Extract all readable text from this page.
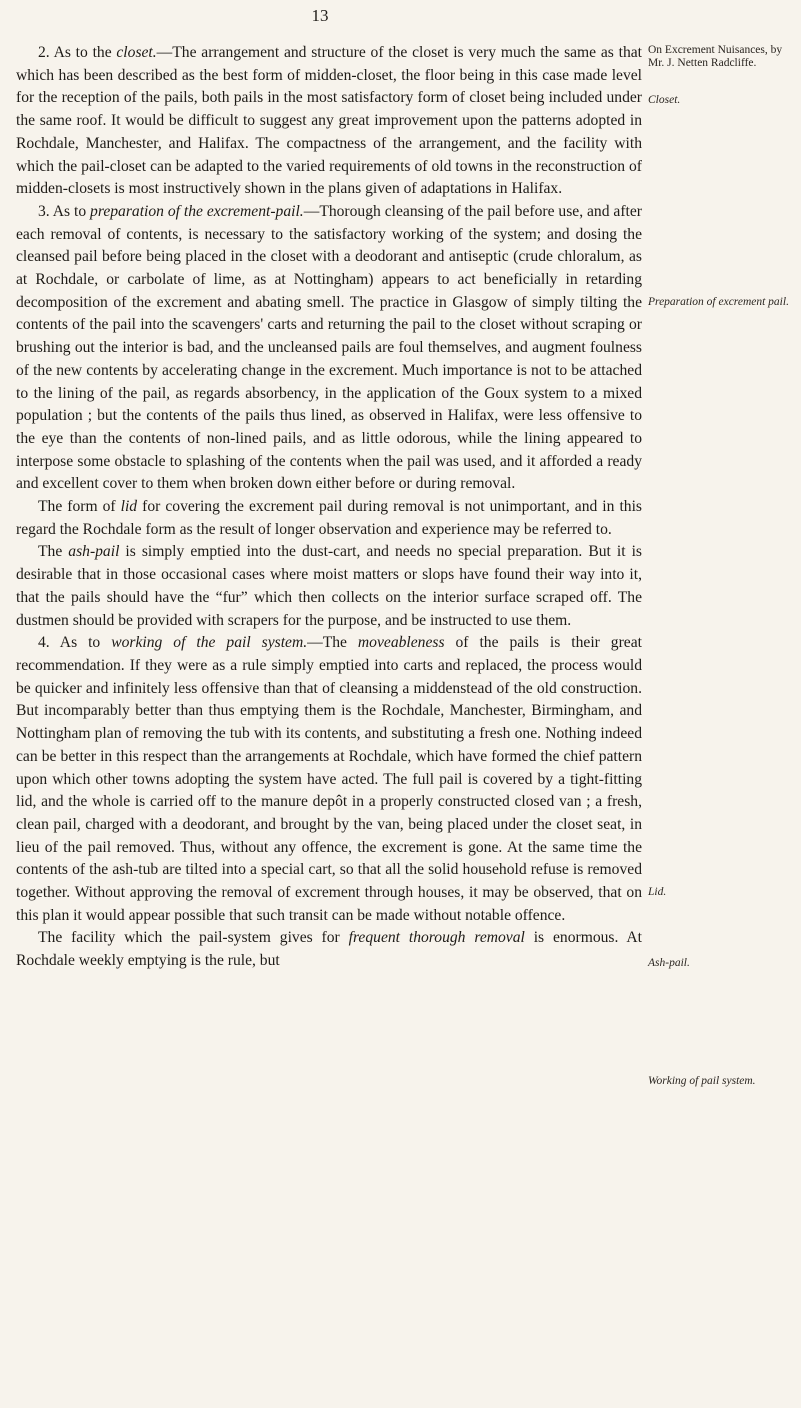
13

2. As to the closet.—The arrangement and structure of the closet is very much the same as that which has been described as the best form of midden-closet, the floor being in this case made level for the reception of the pails, both pails in the most satisfactory form of closet being included under the same roof. It would be difficult to suggest any great improvement upon the patterns adopted in Rochdale, Manchester, and Halifax. The compactness of the arrangement, and the facility with which the pail-closet can be adapted to the varied requirements of old towns in the reconstruction of midden-closets is most instructively shown in the plans given of adaptations in Halifax.

3. As to preparation of the excrement-pail.—Thorough cleansing of the pail before use, and after each removal of contents, is necessary to the satisfactory working of the system; and dosing the cleansed pail before being placed in the closet with a deodorant and antiseptic (crude chloralum, as at Rochdale, or carbolate of lime, as at Nottingham) appears to act beneficially in retarding decomposition of the excrement and abating smell. The practice in Glasgow of simply tilting the contents of the pail into the scavengers' carts and returning the pail to the closet without scraping or brushing out the interior is bad, and the uncleansed pails are foul themselves, and augment foulness of the new contents by accelerating change in the excrement. Much importance is not to be attached to the lining of the pail, as regards absorbency, in the application of the Goux system to a mixed population ; but the contents of the pails thus lined, as observed in Halifax, were less offensive to the eye than the contents of non-lined pails, and as little odorous, while the lining appeared to interpose some obstacle to splashing of the contents when the pail was used, and it afforded a ready and excellent cover to them when broken down either before or during removal.

The form of lid for covering the excrement pail during removal is not unimportant, and in this regard the Rochdale form as the result of longer observation and experience may be referred to.

The ash-pail is simply emptied into the dust-cart, and needs no special preparation. But it is desirable that in those occasional cases where moist matters or slops have found their way into it, that the pails should have the “fur” which then collects on the interior surface scraped off. The dustmen should be provided with scrapers for the purpose, and be instructed to use them.

4. As to working of the pail system.—The moveableness of the pails is their great recommendation. If they were as a rule simply emptied into carts and replaced, the process would be quicker and infinitely less offensive than that of cleansing a middenstead of the old construction. But incomparably better than thus emptying them is the Rochdale, Manchester, Birmingham, and Nottingham plan of removing the tub with its contents, and substituting a fresh one. Nothing indeed can be better in this respect than the arrangements at Rochdale, which have formed the chief pattern upon which other towns adopting the system have acted. The full pail is covered by a tight-fitting lid, and the whole is carried off to the manure depôt in a properly constructed closed van ; a fresh, clean pail, charged with a deodorant, and brought by the van, being placed under the closet seat, in lieu of the pail removed. Thus, without any offence, the excrement is gone. At the same time the contents of the ash-tub are tilted into a special cart, so that all the solid household refuse is removed together. Without approving the removal of excrement through houses, it may be observed, that on this plan it would appear possible that such transit can be made without notable offence.

The facility which the pail-system gives for frequent thorough removal is enormous. At Rochdale weekly emptying is the rule, but

On Excrement Nuisances, by Mr. J. Netten Radcliffe.
Closet.
Preparation of excrement pail.
Lid.
Ash-pail.
Working of pail system.
